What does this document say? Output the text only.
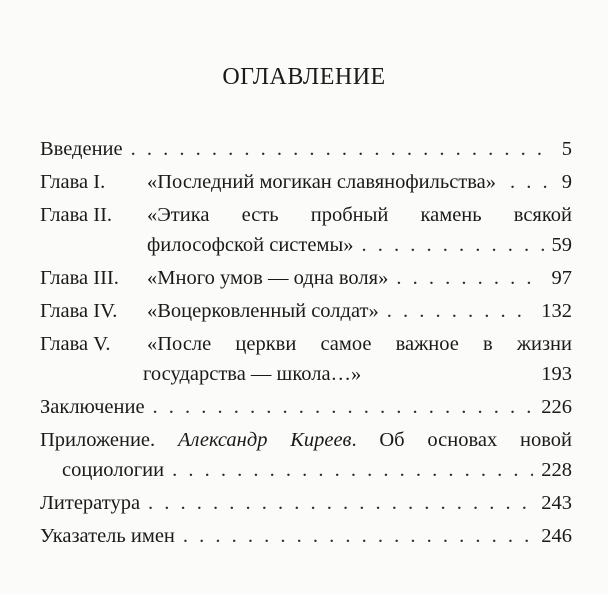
ОГЛАВЛЕНИЕ
Введение . . .	5
Глава I.	«Последний могикан славянофильства» . . .	9
Глава II.	«Этика есть пробный камень всякой
философской системы» . . .	59
Глава III.	«Много умов — одна воля» . . .	97
Глава IV.	«Воцерковленный солдат» . . .	132
Глава V.	«После церкви самое важное в жизни
государства — школа…»	193
Заключение . . .	226
Приложение. Александр Киреев. Об основах новой
социологии . . .	228
Литература . . .	243
Указатель имен . . .	246
